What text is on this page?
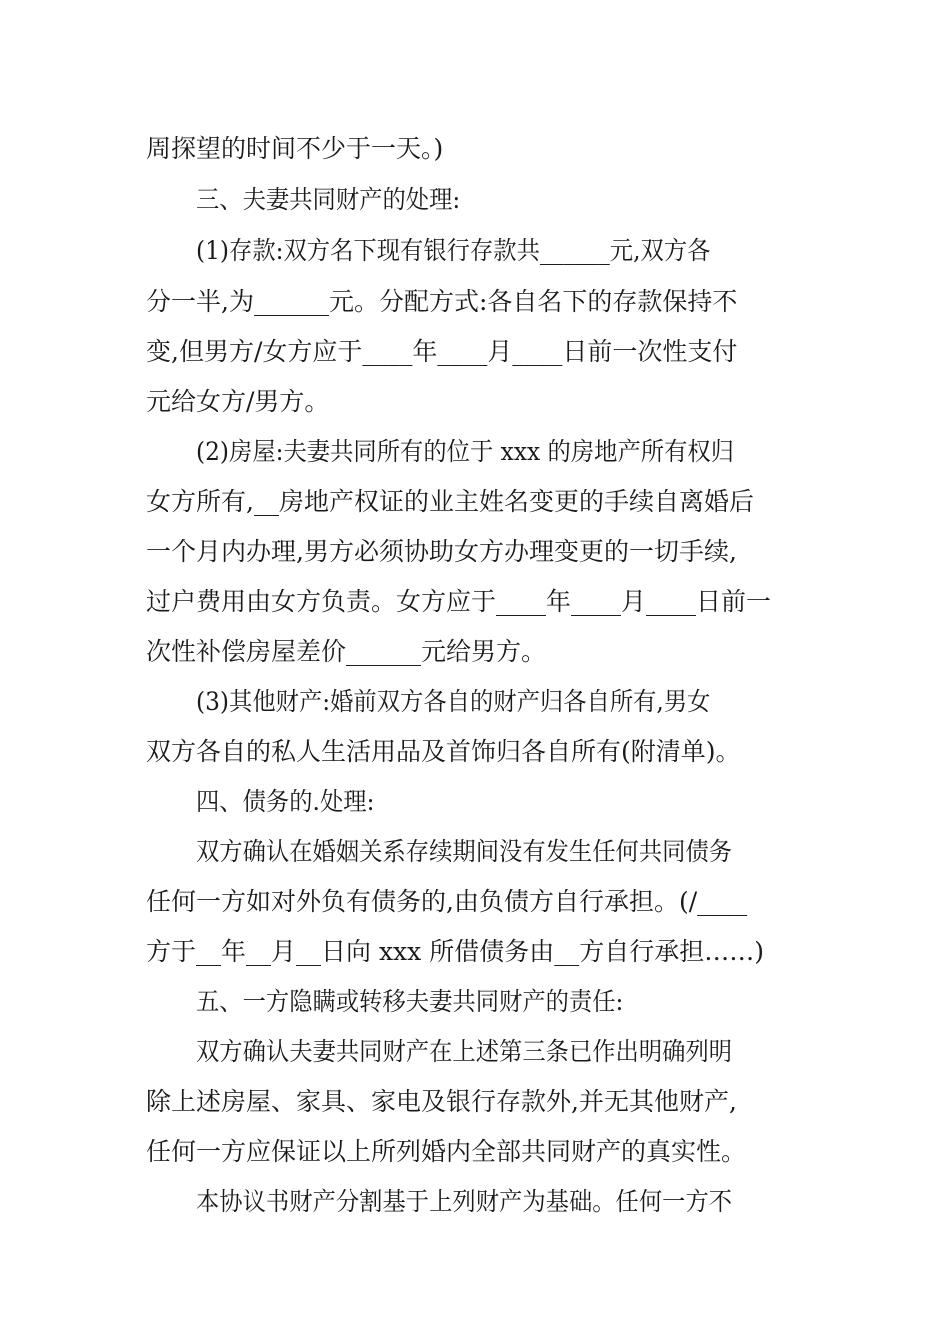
周探望的时间不少于一天。)
三、夫妻共同财产的处理:
(1)存款:双方名下现有银行存款共______元,双方各
分一半,为______元。分配方式:各自名下的存款保持不
变,但男方/女方应于____年____月____日前一次性支付
元给女方/男方。
(2)房屋:夫妻共同所有的位于 xxx 的房地产所有权归
女方所有,__房地产权证的业主姓名变更的手续自离婚后
一个月内办理,男方必须协助女方办理变更的一切手续,
过户费用由女方负责。女方应于____年____月____日前一
次性补偿房屋差价______元给男方。
(3)其他财产:婚前双方各自的财产归各自所有,男女
双方各自的私人生活用品及首饰归各自所有(附清单)。
四、债务的.处理:
双方确认在婚姻关系存续期间没有发生任何共同债务
任何一方如对外负有债务的,由负债方自行承担。(/____
方于__年__月__日向 xxx 所借债务由__方自行承担……)
五、一方隐瞒或转移夫妻共同财产的责任:
双方确认夫妻共同财产在上述第三条已作出明确列明
除上述房屋、家具、家电及银行存款外,并无其他财产,
任何一方应保证以上所列婚内全部共同财产的真实性。
本协议书财产分割基于上列财产为基础。任何一方不
